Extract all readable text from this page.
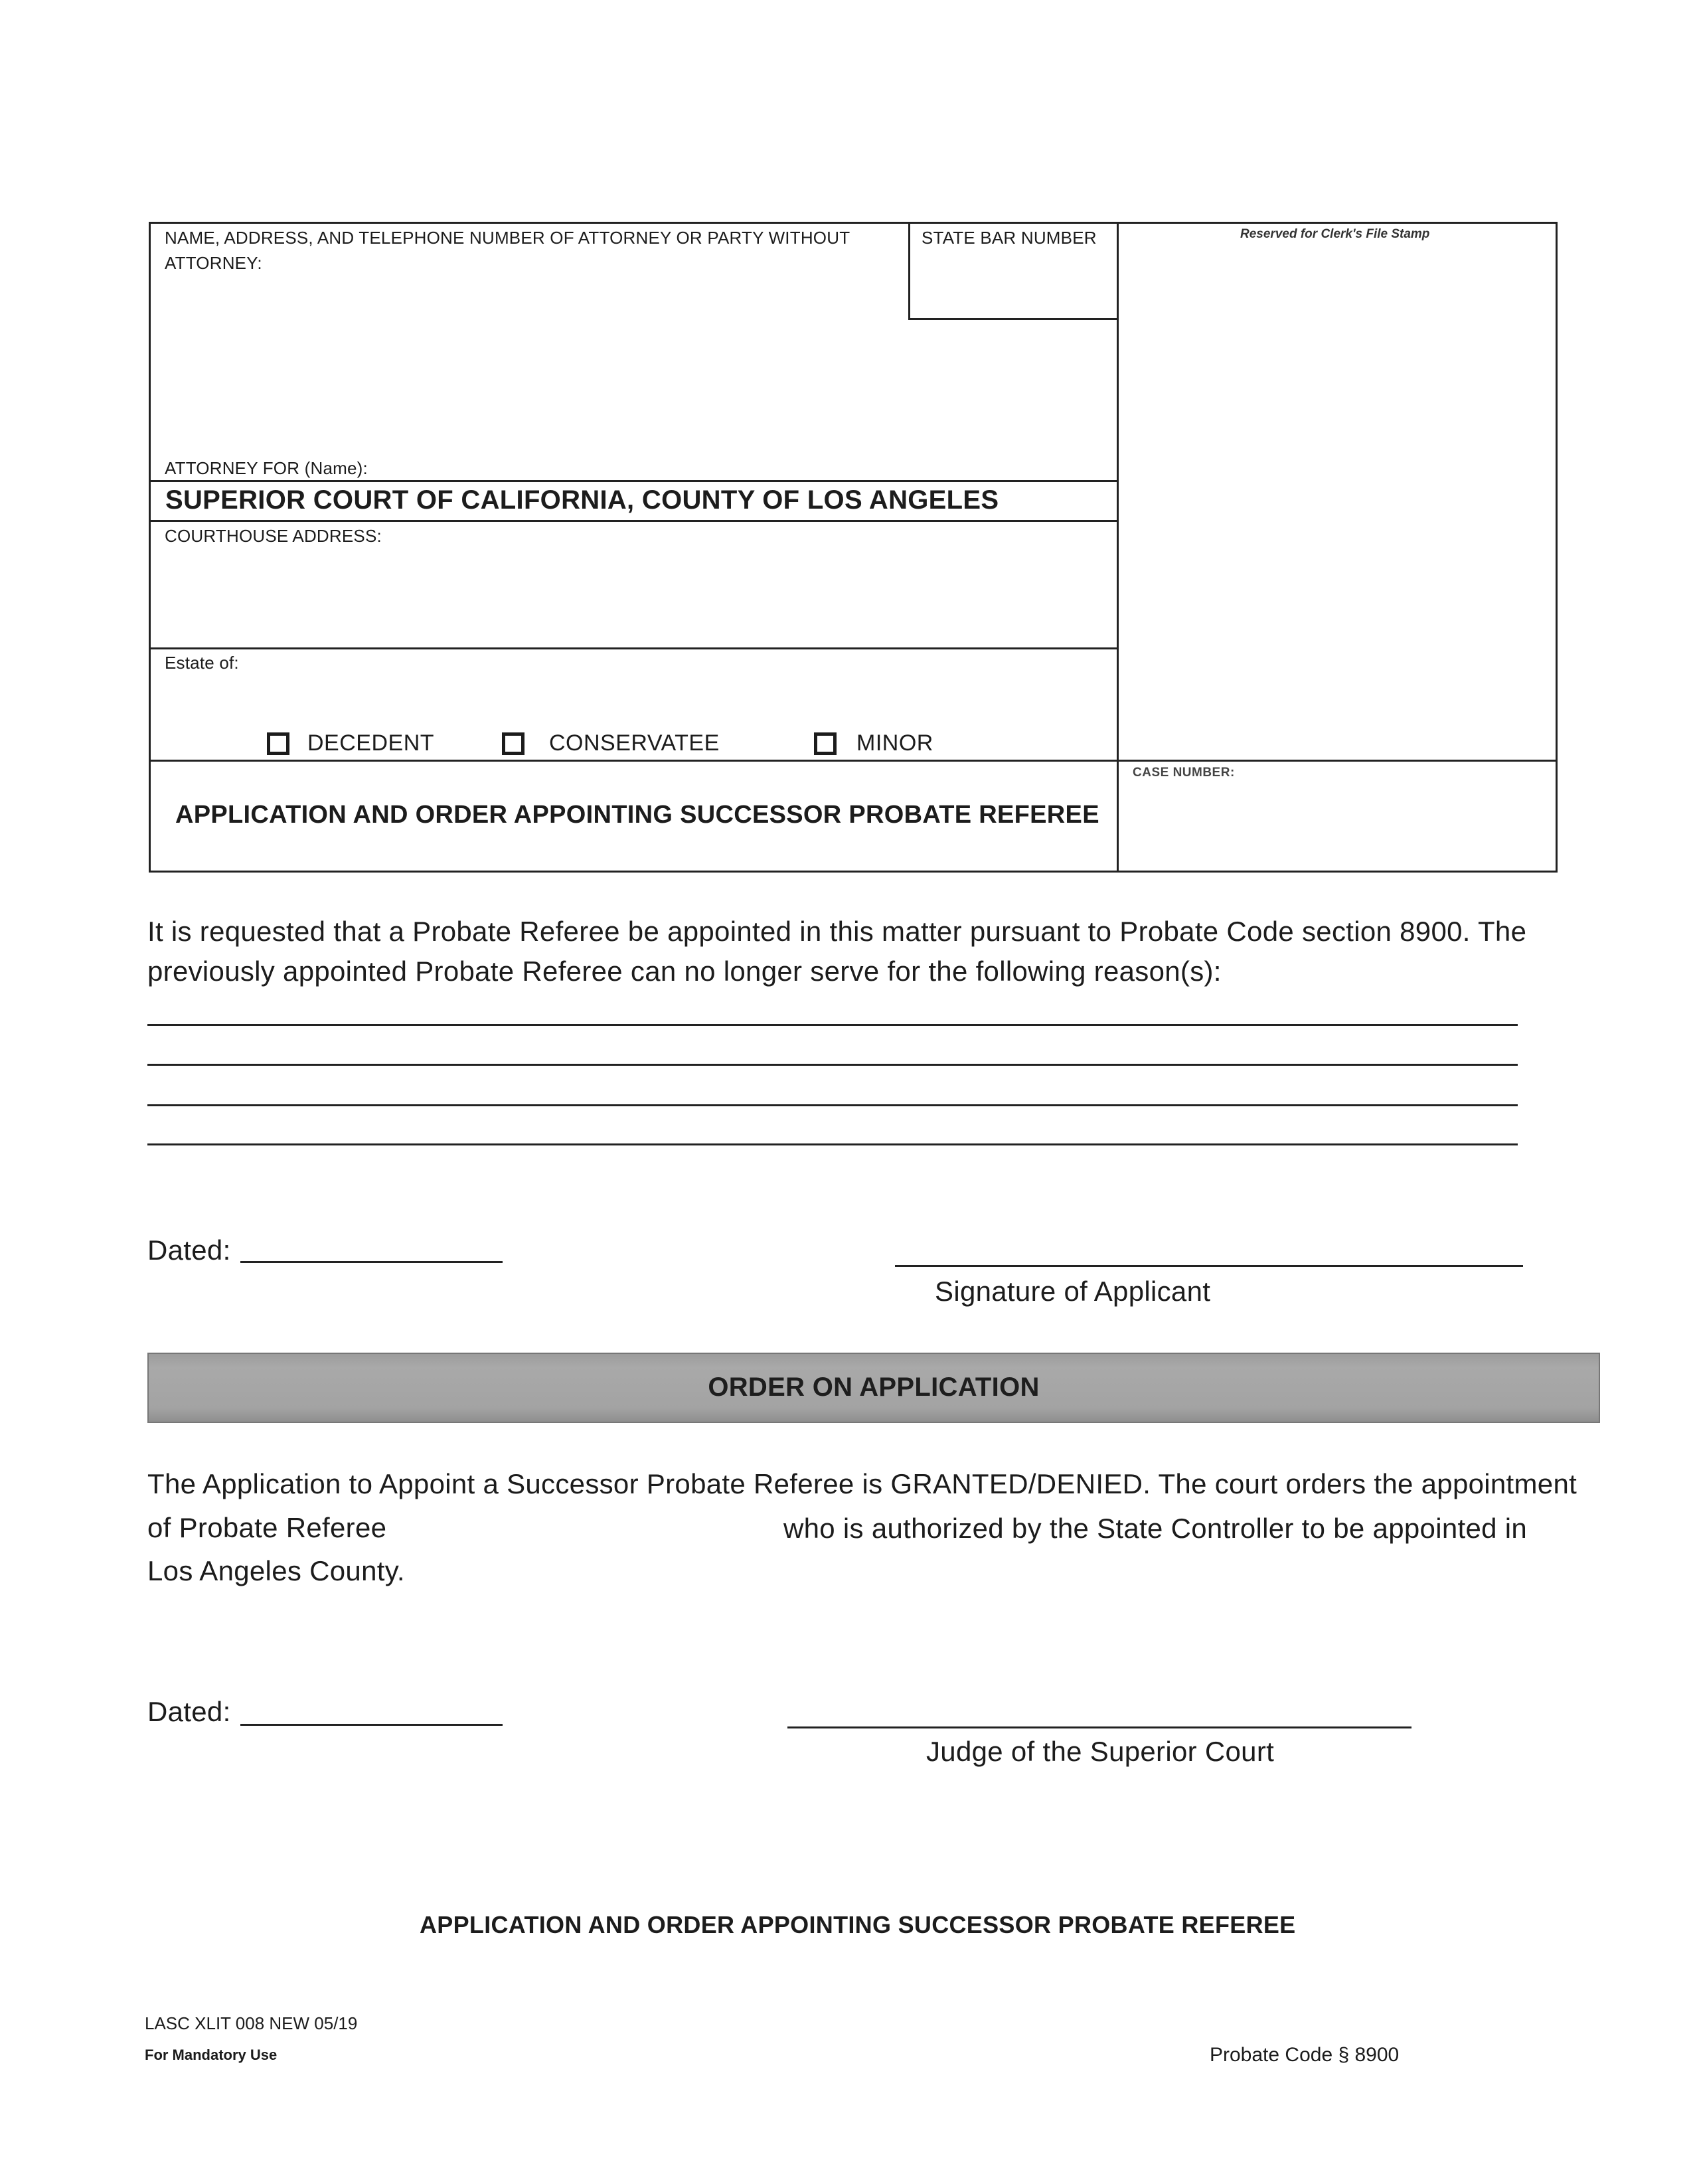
NAME, ADDRESS, AND TELEPHONE NUMBER OF ATTORNEY OR PARTY WITHOUT ATTORNEY:
STATE BAR NUMBER	Reserved for Clerk's File Stamp
ATTORNEY FOR (Name):
SUPERIOR COURT OF CALIFORNIA, COUNTY OF LOS ANGELES
COURTHOUSE ADDRESS:
Estate of:
DECEDENT	CONSERVATEE	MINOR
CASE NUMBER:
APPLICATION AND ORDER APPOINTING SUCCESSOR PROBATE REFEREE
It is requested that a Probate Referee be appointed in this matter pursuant to Probate Code section 8900. The previously appointed Probate Referee can no longer serve for the following reason(s):
Dated:
Signature of Applicant
ORDER ON APPLICATION
The Application to Appoint a Successor Probate Referee is GRANTED/DENIED. The court orders the appointment
of Probate Referee	who is authorized by the State Controller to be appointed in
Los Angeles County.
Dated:
Judge of the Superior Court
APPLICATION AND ORDER APPOINTING SUCCESSOR PROBATE REFEREE
LASC XLIT 008 NEW 05/19
For Mandatory Use	Probate Code § 8900
